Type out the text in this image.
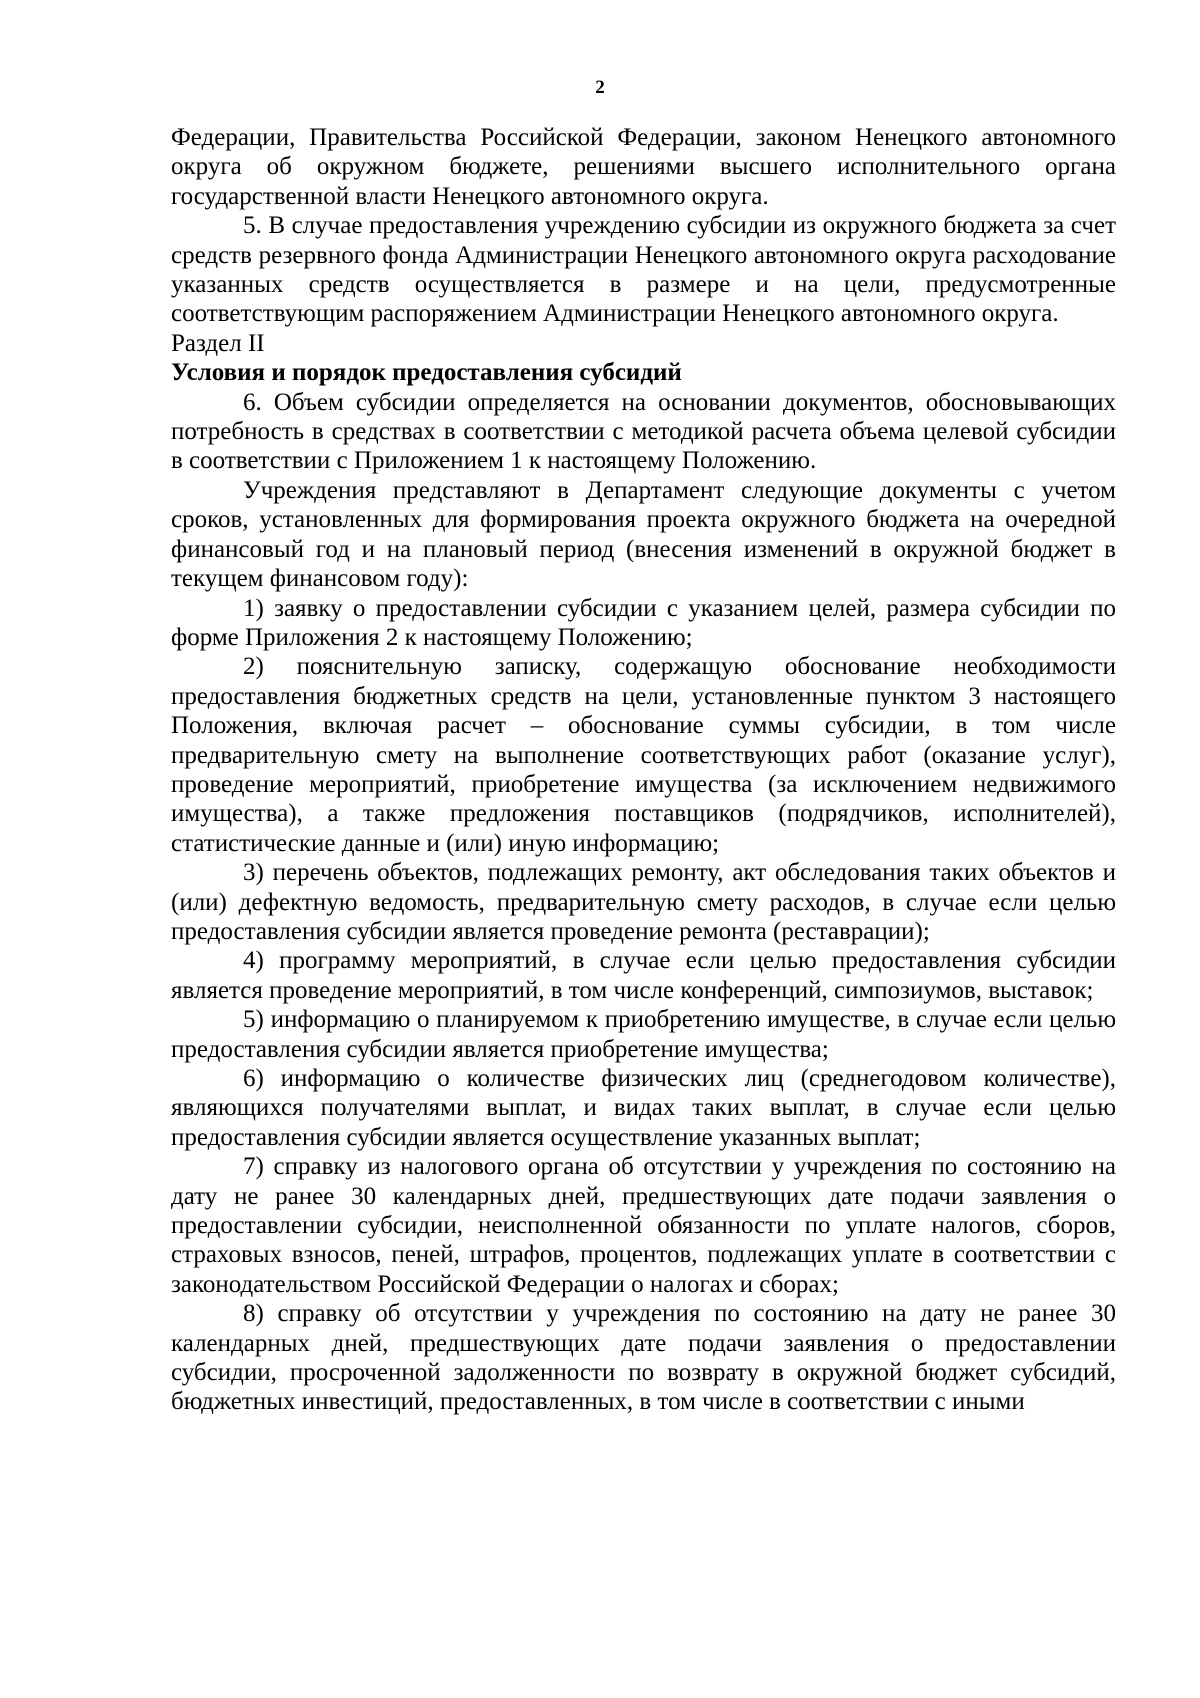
2

Федерации, Правительства Российской Федерации, законом Ненецкого автономного округа об окружном бюджете, решениями высшего исполнительного органа государственной власти Ненецкого автономного округа.

5. В случае предоставления учреждению субсидии из окружного бюджета за счет средств резервного фонда Администрации Ненецкого автономного округа расходование указанных средств осуществляется в размере и на цели, предусмотренные соответствующим распоряжением Администрации Ненецкого автономного округа.

Раздел II

Условия и порядок предоставления субсидий

6. Объем субсидии определяется на основании документов, обосновывающих потребность в средствах в соответствии с методикой расчета объема целевой субсидии в соответствии с Приложением 1 к настоящему Положению.

Учреждения представляют в Департамент следующие документы с учетом сроков, установленных для формирования проекта окружного бюджета на очередной финансовый год и на плановый период (внесения изменений в окружной бюджет в текущем финансовом году):

1) заявку о предоставлении субсидии с указанием целей, размера субсидии по форме Приложения 2 к настоящему Положению;

2) пояснительную записку, содержащую обоснование необходимости предоставления бюджетных средств на цели, установленные пунктом 3 настоящего Положения, включая расчет – обоснование суммы субсидии, в том числе предварительную смету на выполнение соответствующих работ (оказание услуг), проведение мероприятий, приобретение имущества (за исключением недвижимого имущества), а также предложения поставщиков (подрядчиков, исполнителей), статистические данные и (или) иную информацию;

3) перечень объектов, подлежащих ремонту, акт обследования таких объектов и (или) дефектную ведомость, предварительную смету расходов, в случае если целью предоставления субсидии является проведение ремонта (реставрации);

4) программу мероприятий, в случае если целью предоставления субсидии является проведение мероприятий, в том числе конференций, симпозиумов, выставок;

5) информацию о планируемом к приобретению имуществе, в случае если целью предоставления субсидии является приобретение имущества;

6) информацию о количестве физических лиц (среднегодовом количестве), являющихся получателями выплат, и видах таких выплат, в случае если целью предоставления субсидии является осуществление указанных выплат;

7) справку из налогового органа об отсутствии у учреждения по состоянию на дату не ранее 30 календарных дней, предшествующих дате подачи заявления о предоставлении субсидии, неисполненной обязанности по уплате налогов, сборов, страховых взносов, пеней, штрафов, процентов, подлежащих уплате в соответствии с законодательством Российской Федерации о налогах и сборах;

8) справку об отсутствии у учреждения по состоянию на дату не ранее 30 календарных дней, предшествующих дате подачи заявления о предоставлении субсидии, просроченной задолженности по возврату в окружной бюджет субсидий, бюджетных инвестиций, предоставленных, в том числе в соответствии с иными
